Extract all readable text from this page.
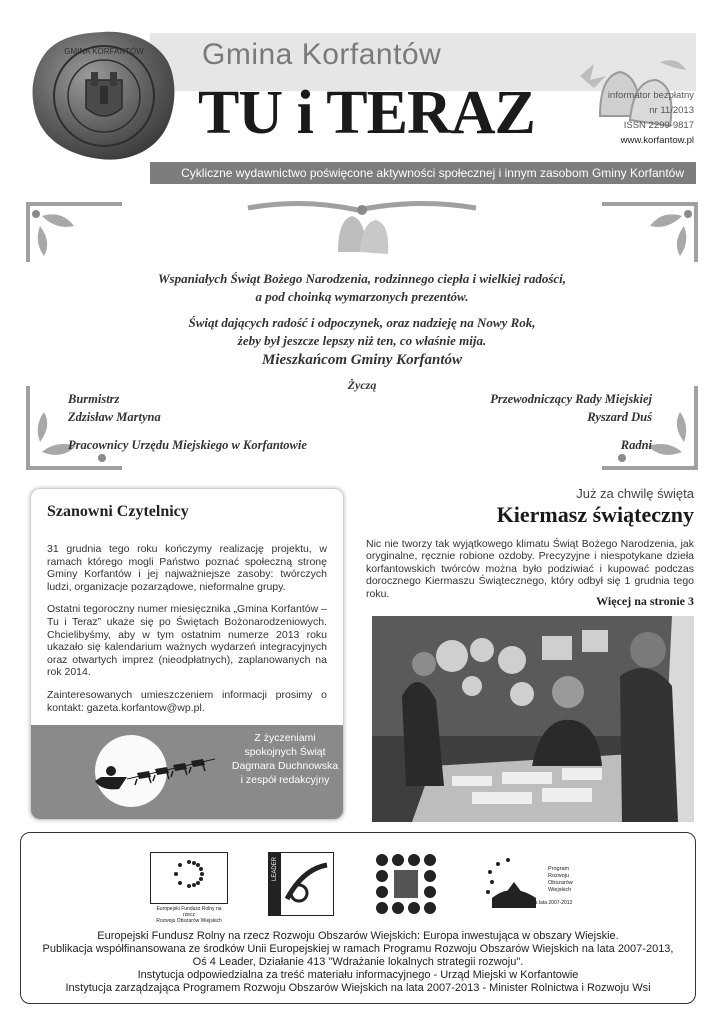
GMINA KORFANTÓW Gmina Korfantów
TU i TERAZ	informator bezpłatny
nr 11/2013
ISSN 2299-9817
www.korfantow.pl
Cykliczne wydawnictwo poświęcone aktywności społecznej i innym zasobom Gminy Korfantów

Wspaniałych Świąt Bożego Narodzenia, rodzinnego ciepła i wielkiej radości,
a pod choinką wymarzonych prezentów.

Świąt dających radość i odpoczynek, oraz nadzieję na Nowy Rok,
żeby był jeszcze lepszy niż ten, co właśnie mija.

Mieszkańcom Gminy Korfantów
Życzą
Burmistrz
Zdzisław Martyna
Pracownicy Urzędu Miejskiego w Korfantowie
Przewodniczący Rady Miejskiej
Ryszard Duś
Radni
Szanowni Czytelnicy

31 grudnia tego roku kończymy realizację projektu, w ramach którego mogli Państwo poznać społeczną stronę Gminy Korfantów i jej najważniejsze zasoby: twórczych ludzi, organizacje pozarządowe, nieformalne grupy.

Ostatni tegoroczny numer miesięcznika „Gmina Korfantów – Tu i Teraz” ukaże się po Świętach Bożonarodzeniowych. Chcielibyśmy, aby w tym ostatnim numerze 2013 roku ukazało się kalendarium ważnych wydarzeń integracyjnych oraz otwartych imprez (nieodpłatnych), zaplanowanych na rok 2014.

Zainteresowanych umieszczeniem informacji prosimy o kontakt: gazeta.korfantow@wp.pl.

Z życzeniami
spokojnych Świąt
Dagmara Duchnowska
i zespół redakcyjny
Już za chwilę święta
Kiermasz świąteczny
Nic nie tworzy tak wyjątkowego klimatu Świąt Bożego Narodzenia, jak oryginalne, ręcznie robione ozdoby. Precyzyjne i niespotykane dzieła korfantowskich twórców można było podziwiać i kupować podczas dorocznego Kiermaszu Świątecznego, który odbył się 1 grudnia tego roku.
Więcej na stronie 3
Europejski Fundusz Rolny na rzecz
Rozwoju Obszarów Wiejskich
Program
Rozwoju
Obszarów
Wiejskich
na lata 2007-2013
Europejski Fundusz Rolny na rzecz Rozwoju Obszarów Wiejskich: Europa inwestująca w obszary Wiejskie.
Publikacja współfinansowana ze środków Unii Europejskiej w ramach Programu Rozwoju Obszarów Wiejskich na lata 2007-2013,
Oś 4 Leader, Działanie 413 "Wdrażanie lokalnych strategii rozwoju".
Instytucja odpowiedzialna za treść materiału informacyjnego - Urząd Miejski w Korfantowie
Instytucja zarządzająca Programem Rozwoju Obszarów Wiejskich na lata 2007-2013 - Minister Rolnictwa i Rozwoju Wsi
